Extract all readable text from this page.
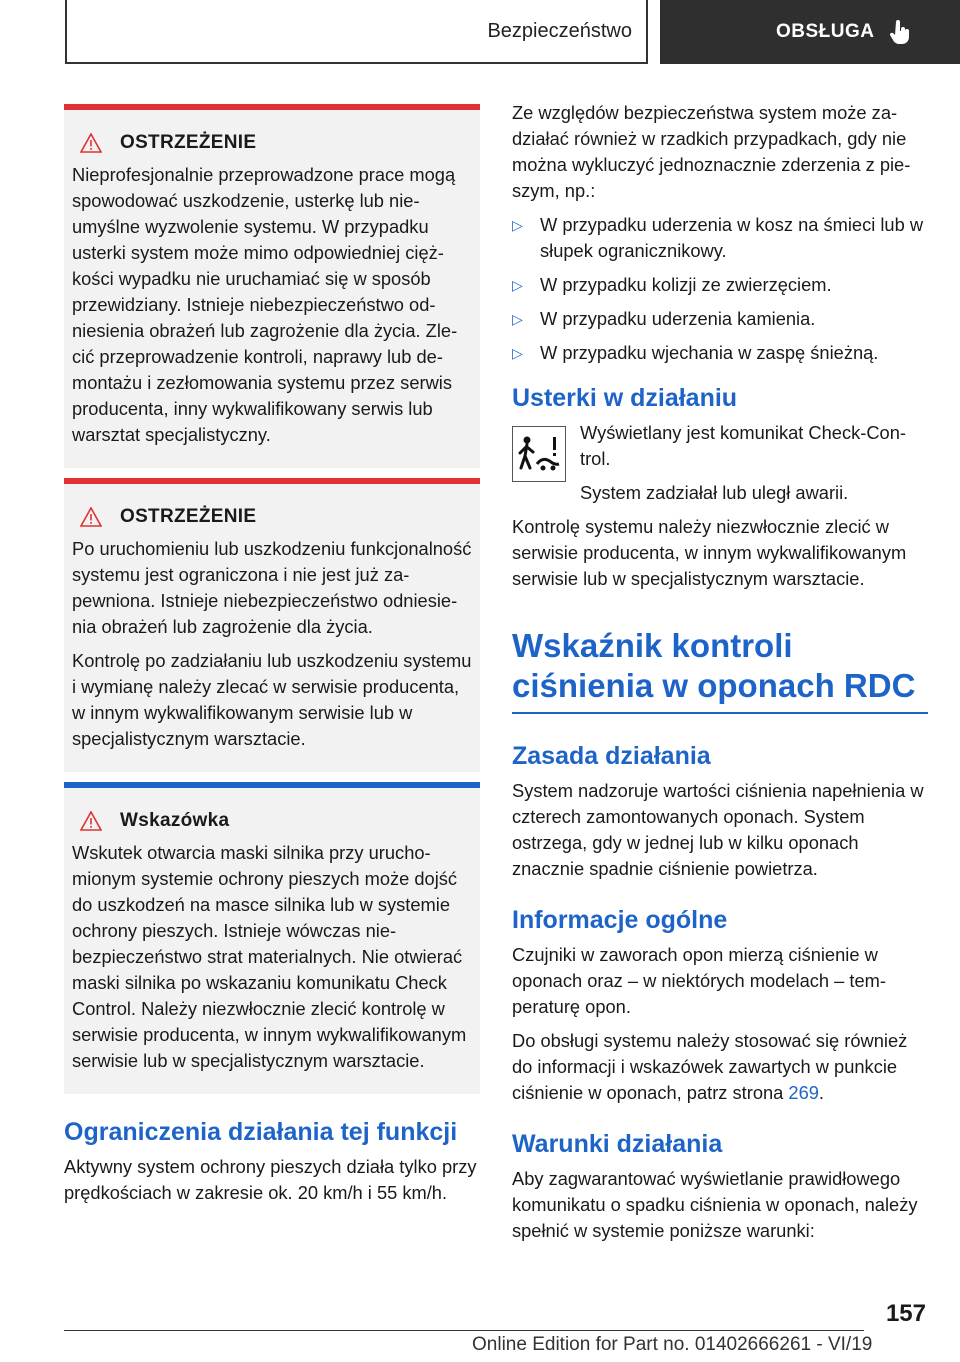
Bezpieczeństwo	OBSŁUGA
OSTRZEŻENIE

Nieprofesjonalnie przeprowadzone prace mogą spowodować uszkodzenie, usterkę lub nieumyślne wyzwolenie systemu. W przypadku usterki system może mimo odpowiedniej ciężkości wypadku nie uruchamiać się w sposób przewidziany. Istnieje niebezpieczeństwo odniesienia obrażeń lub zagrożenie dla życia. Zlecić przeprowadzenie kontroli, naprawy lub demontażu i zezłomowania systemu przez serwis producenta, inny wykwalifikowany serwis lub warsztat specjalistyczny.

OSTRZEŻENIE

Po uruchomieniu lub uszkodzeniu funkcjonalność systemu jest ograniczona i nie jest już zapewniona. Istnieje niebezpieczeństwo odniesienia obrażeń lub zagrożenie dla życia.

Kontrolę po zadziałaniu lub uszkodzeniu systemu i wymianę należy zlecać w serwisie producenta, w innym wykwalifikowanym serwisie lub w specjalistycznym warsztacie.

Wskazówka

Wskutek otwarcia maski silnika przy uruchomionym systemie ochrony pieszych może dojść do uszkodzeń na masce silnika lub w systemie ochrony pieszych. Istnieje wówczas niebezpieczeństwo strat materialnych. Nie otwierać maski silnika po wskazaniu komunikatu Check Control. Należy niezwłocznie zlecić kontrolę w serwisie producenta, w innym wykwalifikowanym serwisie lub w specjalistycznym warsztacie.

Ograniczenia działania tej funkcji

Aktywny system ochrony pieszych działa tylko przy prędkościach w zakresie ok. 20 km/h i 55 km/h.

Ze względów bezpieczeństwa system może zadziałać również w rzadkich przypadkach, gdy nie można wykluczyć jednoznacznie zderzenia z pieszym, np.:

▷ W przypadku uderzenia w kosz na śmieci lub w słupek ogranicznikowy.
▷ W przypadku kolizji ze zwierzęciem.
▷ W przypadku uderzenia kamienia.
▷ W przypadku wjechania w zaspę śnieżną.
Usterki w działaniu

Wyświetlany jest komunikat Check-Control.

System zadziałał lub uległ awarii.

Kontrolę systemu należy niezwłocznie zlecić w serwisie producenta, w innym wykwalifikowanym serwisie lub w specjalistycznym warsztacie.

Wskaźnik kontroli ciśnienia w oponach RDC
Zasada działania

System nadzoruje wartości ciśnienia napełnienia w czterech zamontowanych oponach. System ostrzega, gdy w jednej lub w kilku oponach znacznie spadnie ciśnienie powietrza.

Informacje ogólne

Czujniki w zaworach opon mierzą ciśnienie w oponach oraz – w niektórych modelach – temperaturę opon.

Do obsługi systemu należy stosować się również do informacji i wskazówek zawartych w punkcie ciśnienie w oponach, patrz strona 269.

Warunki działania

Aby zagwarantować wyświetlanie prawidłowego komunikatu o spadku ciśnienia w oponach, należy spełnić w systemie poniższe warunki:

157
Online Edition for Part no. 01402666261 - VI/19
